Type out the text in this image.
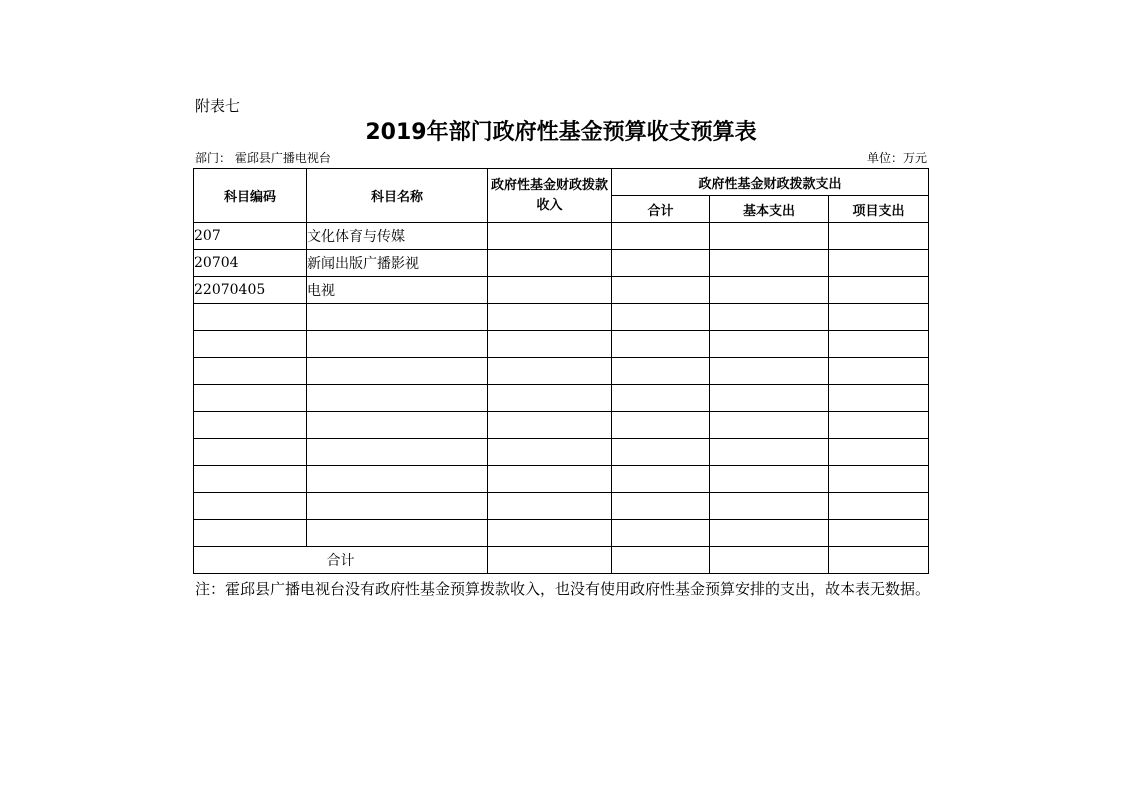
附表七
2019年部门政府性基金预算收支预算表
部门： 霍邱县广播电视台	单位：万元
科目编码	科目名称	政府性基金财政拨款收入	政府性基金财政拨款支出		
			合计	基本支出	项目支出
207	文化体育与传媒				
20704	新闻出版广播影视				
22070405	电视				

合计					
注：霍邱县广播电视台没有政府性基金预算拨款收入，也没有使用政府性基金预算安排的支出，故本表无数据。
